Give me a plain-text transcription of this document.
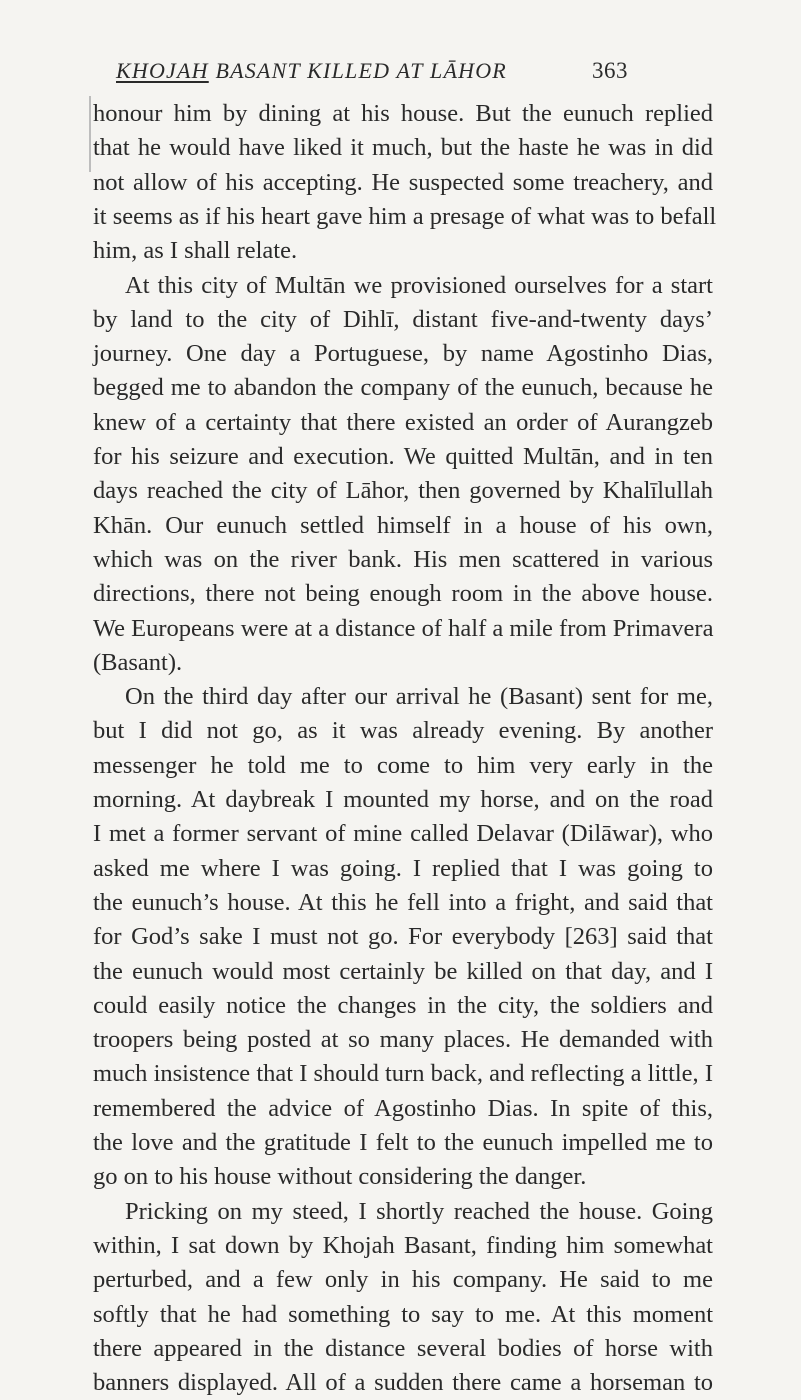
KHOJAH BASANT KILLED AT LĀHOR	363
honour him by dining at his house. But the eunuch replied
that he would have liked it much, but the haste he was in did
not allow of his accepting. He suspected some treachery, and
it seems as if his heart gave him a presage of what was to befall
him, as I shall relate.
At this city of Multān we provisioned ourselves for a start
by land to the city of Dihlī, distant five-and-twenty days’
journey. One day a Portuguese, by name Agostinho Dias,
begged me to abandon the company of the eunuch, because he
knew of a certainty that there existed an order of Aurangzeb
for his seizure and execution. We quitted Multān, and in ten
days reached the city of Lāhor, then governed by Khalīlullah
Khān. Our eunuch settled himself in a house of his own,
which was on the river bank. His men scattered in various
directions, there not being enough room in the above house.
We Europeans were at a distance of half a mile from Primavera
(Basant).
On the third day after our arrival he (Basant) sent for me,
but I did not go, as it was already evening. By another
messenger he told me to come to him very early in the
morning. At daybreak I mounted my horse, and on the road
I met a former servant of mine called Delavar (Dilāwar), who
asked me where I was going. I replied that I was going to
the eunuch’s house. At this he fell into a fright, and said that
for God’s sake I must not go. For everybody [263] said that
the eunuch would most certainly be killed on that day, and I
could easily notice the changes in the city, the soldiers and
troopers being posted at so many places. He demanded with
much insistence that I should turn back, and reflecting a little, I
remembered the advice of Agostinho Dias. In spite of this,
the love and the gratitude I felt to the eunuch impelled me to
go on to his house without considering the danger.
Pricking on my steed, I shortly reached the house. Going
within, I sat down by Khojah Basant, finding him somewhat
perturbed, and a few only in his company. He said to me
softly that he had something to say to me. At this moment
there appeared in the distance several bodies of horse with
banners displayed. All of a sudden there came a horseman to
